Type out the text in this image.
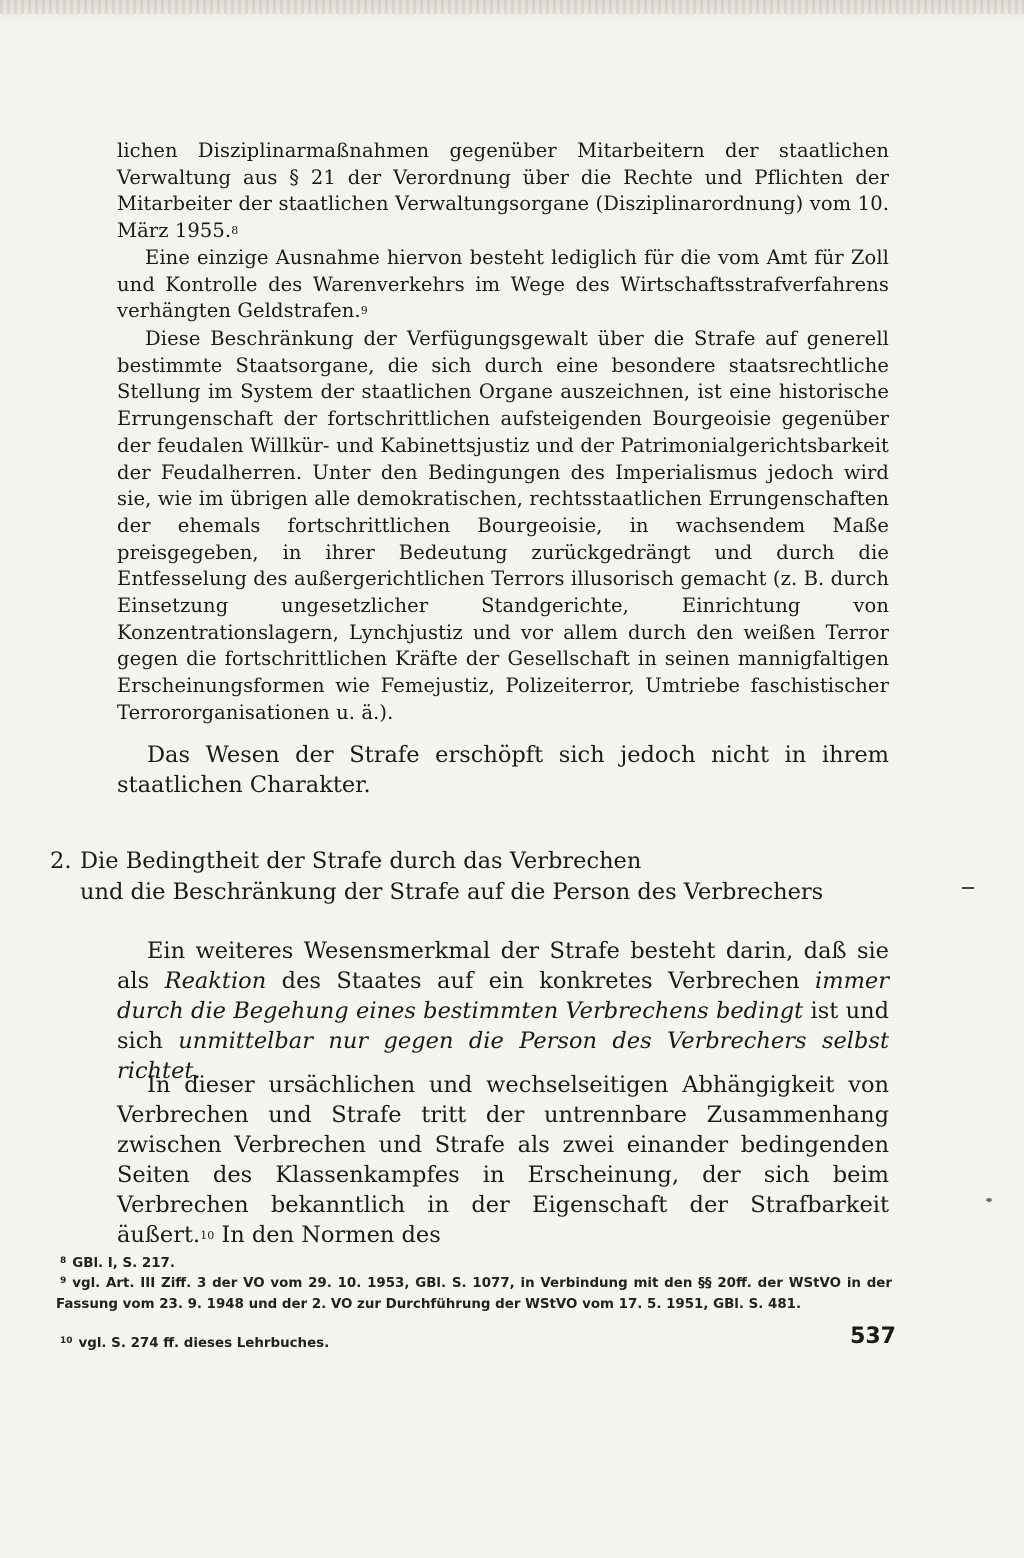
lichen Disziplinarmaßnahmen gegenüber Mitarbeitern der staatlichen Verwaltung aus § 21 der Verordnung über die Rechte und Pflichten der Mitarbeiter der staatlichen Verwaltungsorgane (Disziplinarordnung) vom 10. März 1955.$^8$

Eine einzige Ausnahme hiervon besteht lediglich für die vom Amt für Zoll und Kontrolle des Warenverkehrs im Wege des Wirtschaftsstrafverfahrens verhängten Geldstrafen.$^9$

Diese Beschränkung der Verfügungsgewalt über die Strafe auf generell bestimmte Staatsorgane, die sich durch eine besondere staatsrechtliche Stellung im System der staatlichen Organe auszeichnen, ist eine historische Errungenschaft der fortschrittlichen aufsteigenden Bourgeoisie gegenüber der feudalen Willkür- und Kabinettsjustiz und der Patrimonialgerichtsbarkeit der Feudalherren. Unter den Bedingungen des Imperialismus jedoch wird sie, wie im übrigen alle demokratischen, rechtsstaatlichen Errungenschaften der ehemals fortschrittlichen Bourgeoisie, in wachsendem Maße preisgegeben, in ihrer Bedeutung zurückgedrängt und durch die Entfesselung des außergerichtlichen Terrors illusorisch gemacht (z. B. durch Einsetzung ungesetzlicher Standgerichte, Einrichtung von Konzentrationslagern, Lynchjustiz und vor allem durch den weißen Terror gegen die fortschrittlichen Kräfte der Gesellschaft in seinen mannigfaltigen Erscheinungsformen wie Femejustiz, Polizeiterror, Umtriebe faschistischer Terrororganisationen u. ä.).

Das Wesen der Strafe erschöpft sich jedoch nicht in ihrem staatlichen Charakter.

2. Die Bedingtheit der Strafe durch das Verbrechen
und die Beschränkung der Strafe auf die Person des Verbrechers

Ein weiteres Wesensmerkmal der Strafe besteht darin, daß sie als Reaktion des Staates auf ein konkretes Verbrechen immer durch die Begehung eines bestimmten Verbrechens bedingt ist und sich unmittelbar nur gegen die Person des Verbrechers selbst richtet.

In dieser ursächlichen und wechselseitigen Abhängigkeit von Verbrechen und Strafe tritt der untrennbare Zusammenhang zwischen Verbrechen und Strafe als zwei einander bedingenden Seiten des Klassenkampfes in Erscheinung, der sich beim Verbrechen bekanntlich in der Eigenschaft der Strafbarkeit äußert.$^{10}$ In den Normen des

$^8$ GBl. I, S. 217.
$^9$ vgl. Art. III Ziff. 3 der VO vom 29. 10. 1953, GBl. S. 1077, in Verbindung mit den §§ 20ff. der WStVO in der Fassung vom 23. 9. 1948 und der 2. VO zur Durchführung der WStVO vom 17. 5. 1951, GBl. S. 481.
$^{10}$ vgl. S. 274 ff. dieses Lehrbuches.	537
